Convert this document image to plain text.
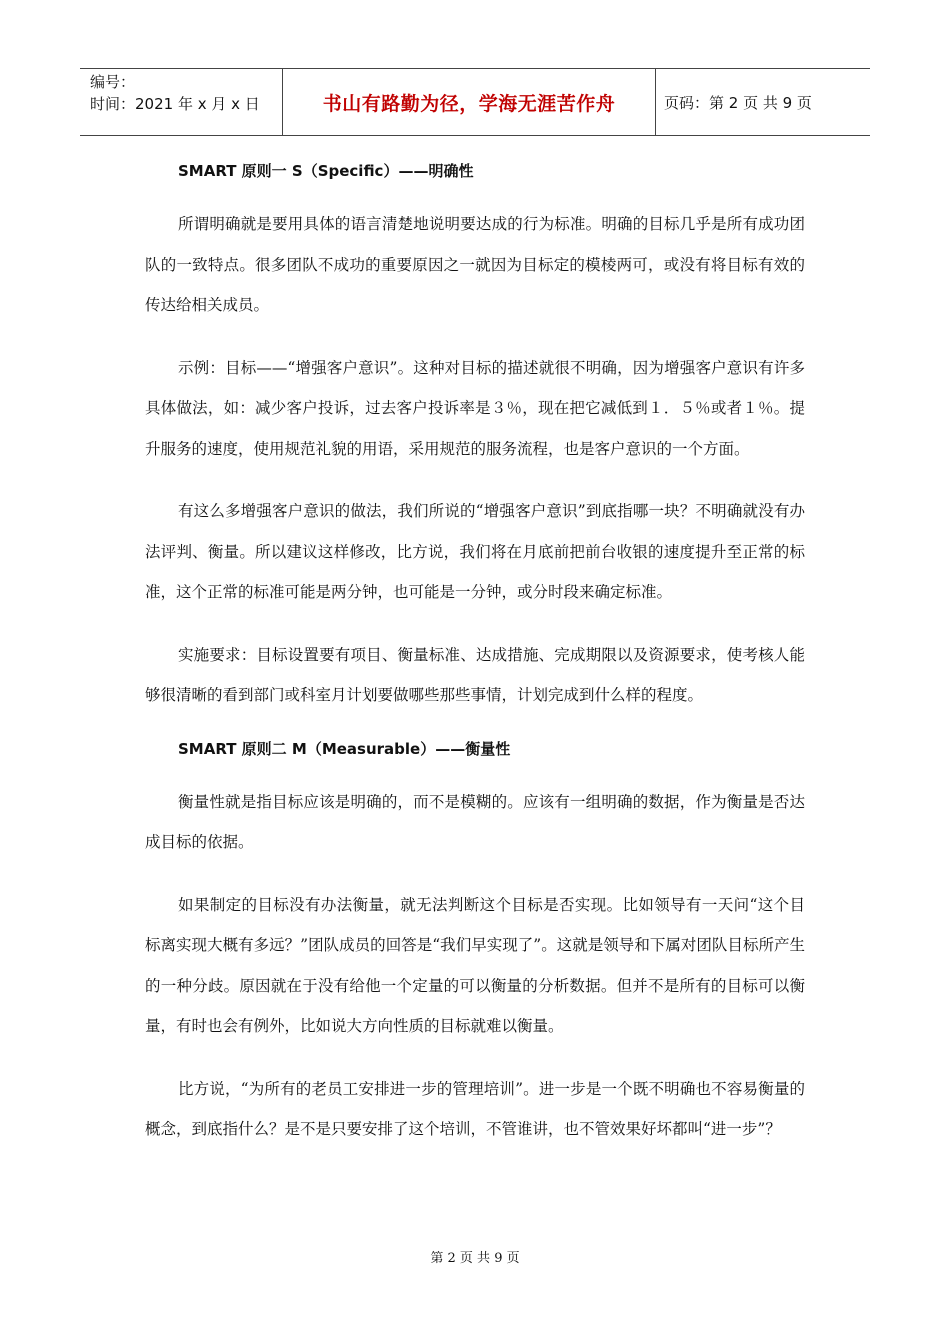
编号：
时间：2021 年 x 月 x 日	书山有路勤为径，学海无涯苦作舟	页码：第 2 页 共 9 页
SMART 原则一 S（Specific）——明确性

所谓明确就是要用具体的语言清楚地说明要达成的行为标准。明确的目标几乎是所有成功团队的一致特点。很多团队不成功的重要原因之一就因为目标定的模棱两可，或没有将目标有效的传达给相关成员。

示例：目标——“增强客户意识”。这种对目标的描述就很不明确，因为增强客户意识有许多具体做法，如：减少客户投诉，过去客户投诉率是３％，现在把它减低到１．５％或者１％。提升服务的速度，使用规范礼貌的用语，采用规范的服务流程，也是客户意识的一个方面。

有这么多增强客户意识的做法，我们所说的“增强客户意识”到底指哪一块？不明确就没有办法评判、衡量。所以建议这样修改，比方说，我们将在月底前把前台收银的速度提升至正常的标准，这个正常的标准可能是两分钟，也可能是一分钟，或分时段来确定标准。

实施要求：目标设置要有项目、衡量标准、达成措施、完成期限以及资源要求，使考核人能够很清晰的看到部门或科室月计划要做哪些那些事情，计划完成到什么样的程度。

SMART 原则二 M（Measurable）——衡量性

衡量性就是指目标应该是明确的，而不是模糊的。应该有一组明确的数据，作为衡量是否达成目标的依据。

如果制定的目标没有办法衡量，就无法判断这个目标是否实现。比如领导有一天问“这个目标离实现大概有多远？”团队成员的回答是“我们早实现了”。这就是领导和下属对团队目标所产生的一种分歧。原因就在于没有给他一个定量的可以衡量的分析数据。但并不是所有的目标可以衡量，有时也会有例外，比如说大方向性质的目标就难以衡量。

比方说，“为所有的老员工安排进一步的管理培训”。进一步是一个既不明确也不容易衡量的概念，到底指什么？是不是只要安排了这个培训，不管谁讲，也不管效果好坏都叫“进一步”？

第 2 页 共 9 页
